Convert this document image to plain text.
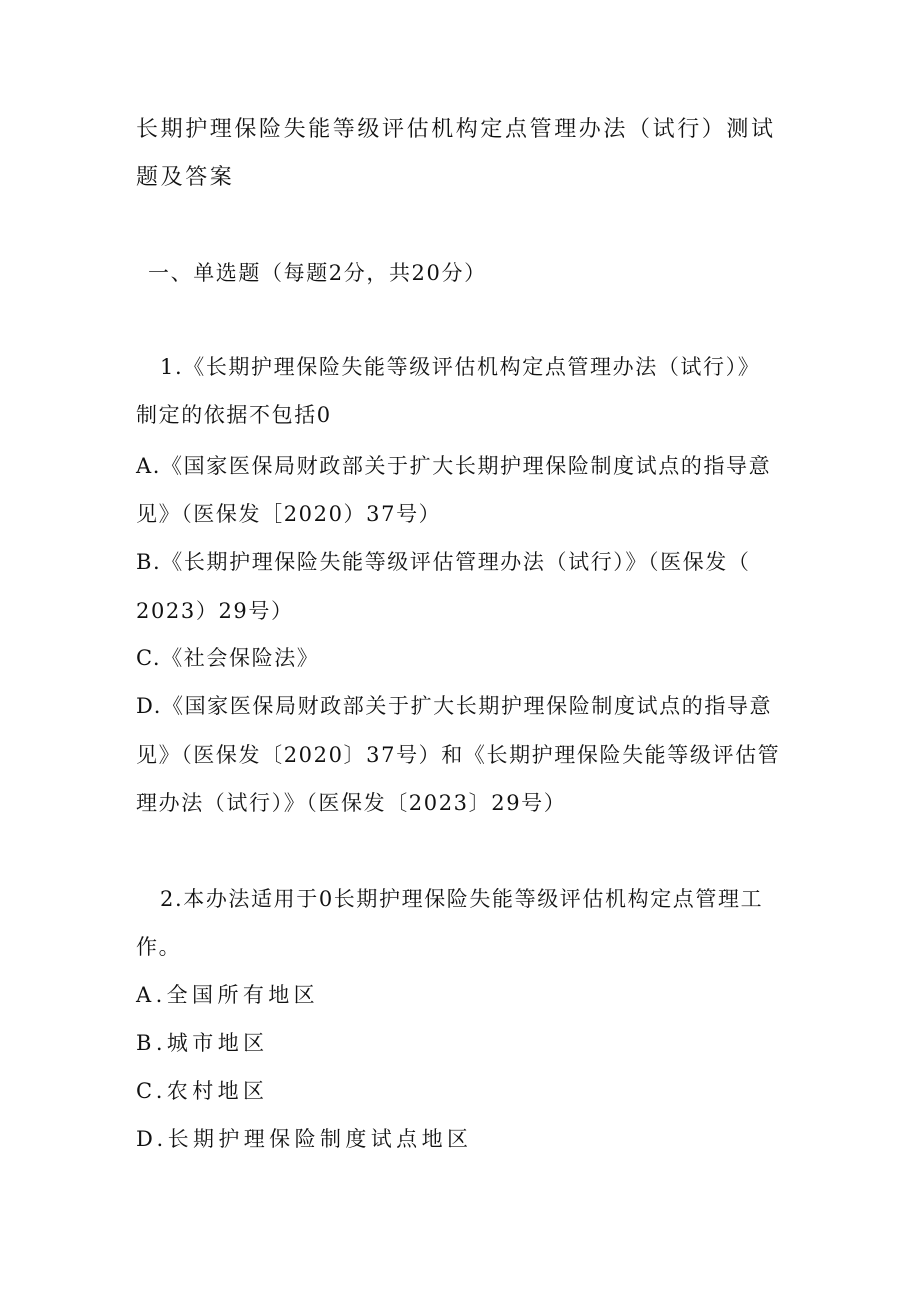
长期护理保险失能等级评估机构定点管理办法（试行）测试
题及答案
一、单选题（每题2分，共20分）
1.《长期护理保险失能等级评估机构定点管理办法（试行）》
制定的依据不包括0
A.《国家医保局财政部关于扩大长期护理保险制度试点的指导意
见》（医保发［2020）37号）
B.《长期护理保险失能等级评估管理办法（试行）》（医保发（
2023）29号）
C.《社会保险法》
D.《国家医保局财政部关于扩大长期护理保险制度试点的指导意
见》（医保发〔2020〕37号）和《长期护理保险失能等级评估管
理办法（试行）》（医保发〔2023〕29号）
2.本办法适用于0长期护理保险失能等级评估机构定点管理工
作。
A.全国所有地区
B.城市地区
C.农村地区
D.长期护理保险制度试点地区
